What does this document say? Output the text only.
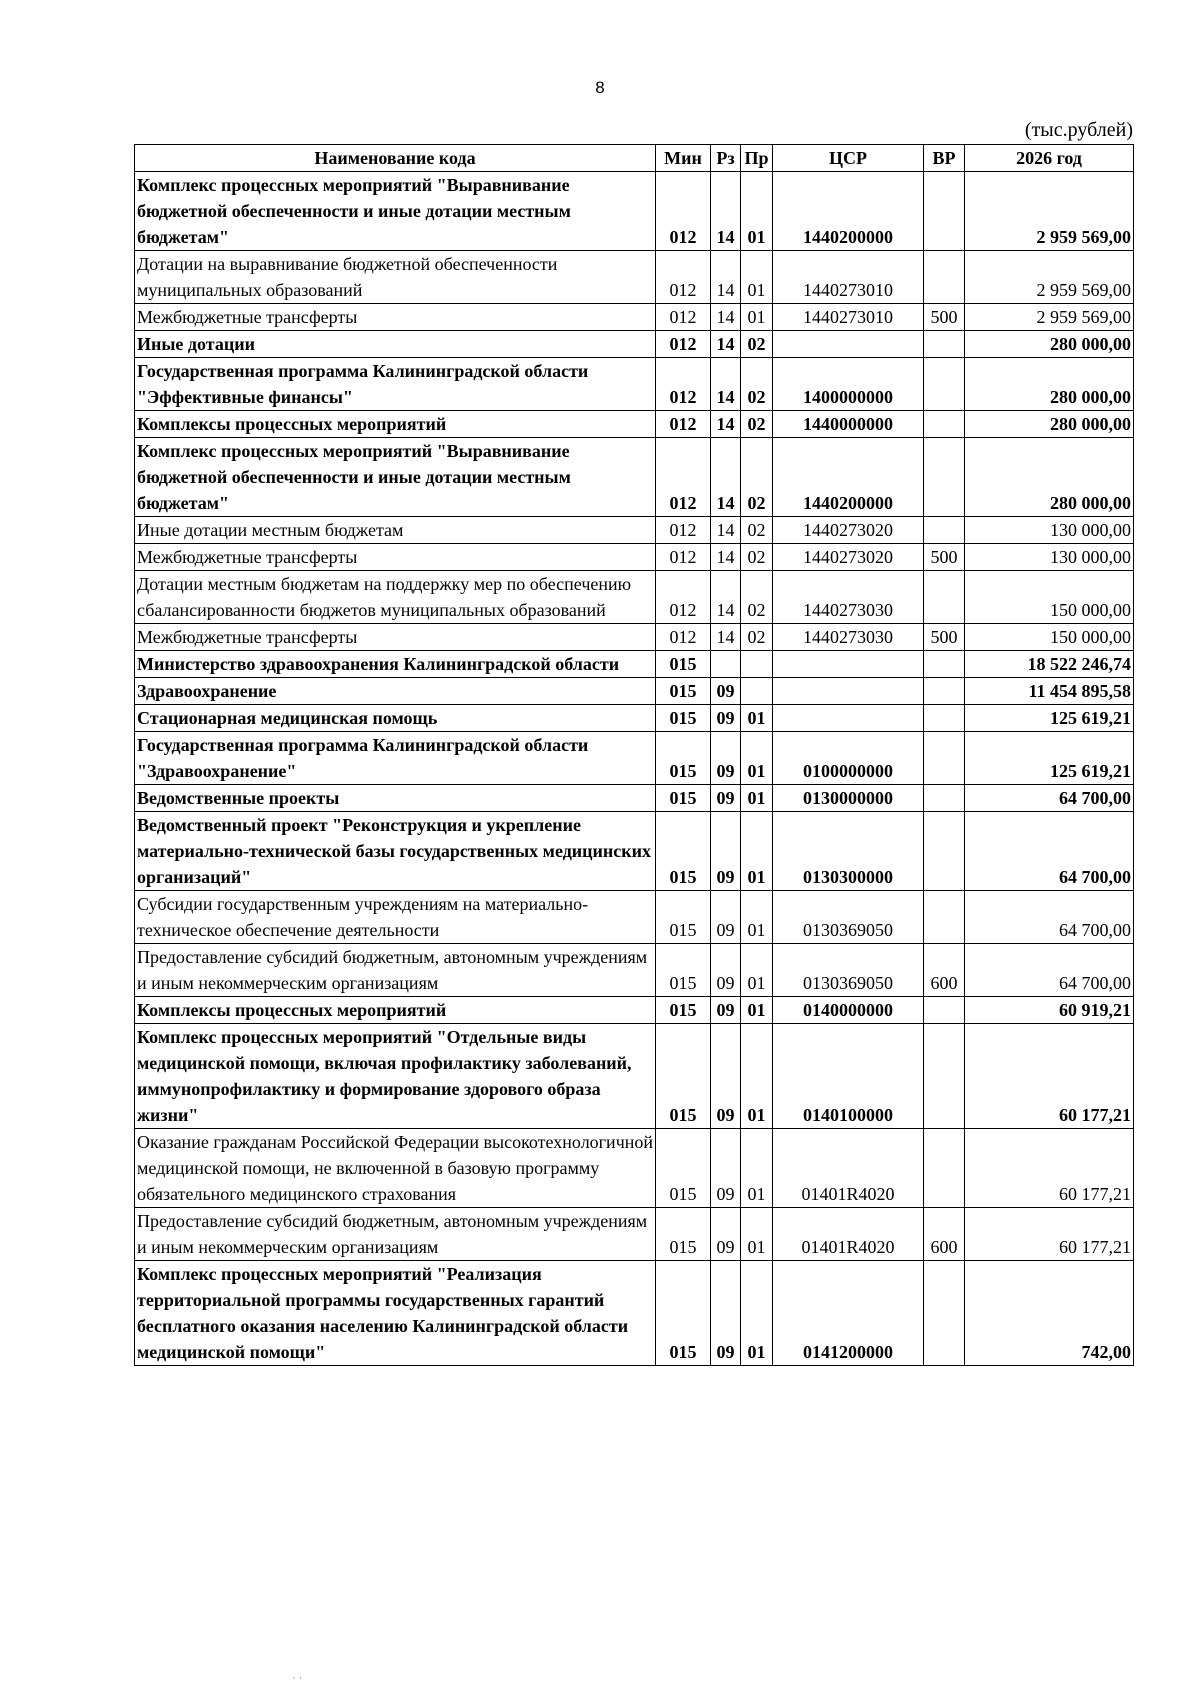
8
(тыс.рублей)
Наименование кода	Мин	Рз	Пр	ЦСР	ВР	2026 год
Комплекс процессных мероприятий "Выравнивание бюджетной обеспеченности и иные дотации местным бюджетам"	012	14	01	1440200000		2 959 569,00
Дотации на выравнивание бюджетной обеспеченности муниципальных образований	012	14	01	1440273010		2 959 569,00
Межбюджетные трансферты	012	14	01	1440273010	500	2 959 569,00
Иные дотации	012	14	02			280 000,00
Государственная программа Калининградской области "Эффективные финансы"	012	14	02	1400000000		280 000,00
Комплексы процессных мероприятий	012	14	02	1440000000		280 000,00
Комплекс процессных мероприятий "Выравнивание бюджетной обеспеченности и иные дотации местным бюджетам"	012	14	02	1440200000		280 000,00
Иные дотации местным бюджетам	012	14	02	1440273020		130 000,00
Межбюджетные трансферты	012	14	02	1440273020	500	130 000,00
Дотации местным бюджетам на поддержку мер по обеспечению сбалансированности бюджетов муниципальных образований	012	14	02	1440273030		150 000,00
Межбюджетные трансферты	012	14	02	1440273030	500	150 000,00
Министерство здравоохранения Калининградской области	015					18 522 246,74
Здравоохранение	015	09				11 454 895,58
Стационарная медицинская помощь	015	09	01			125 619,21
Государственная программа Калининградской области "Здравоохранение"	015	09	01	0100000000		125 619,21
Ведомственные проекты	015	09	01	0130000000		64 700,00
Ведомственный проект "Реконструкция и укрепление материально-технической базы государственных медицинских организаций"	015	09	01	0130300000		64 700,00
Субсидии государственным учреждениям на материально-техническое обеспечение деятельности	015	09	01	0130369050		64 700,00
Предоставление субсидий бюджетным, автономным учреждениям и иным некоммерческим организациям	015	09	01	0130369050	600	64 700,00
Комплексы процессных мероприятий	015	09	01	0140000000		60 919,21
Комплекс процессных мероприятий "Отдельные виды медицинской помощи, включая профилактику заболеваний, иммунопрофилактику и формирование здорового образа жизни"	015	09	01	0140100000		60 177,21
Оказание гражданам Российской Федерации высокотехнологичной медицинской помощи, не включенной в базовую программу обязательного медицинского страхования	015	09	01	01401R4020		60 177,21
Предоставление субсидий бюджетным, автономным учреждениям и иным некоммерческим организациям	015	09	01	01401R4020	600	60 177,21
Комплекс процессных мероприятий "Реализация территориальной программы государственных гарантий бесплатного оказания населению Калининградской области медицинской помощи"	015	09	01	0141200000		742,00
· ·
